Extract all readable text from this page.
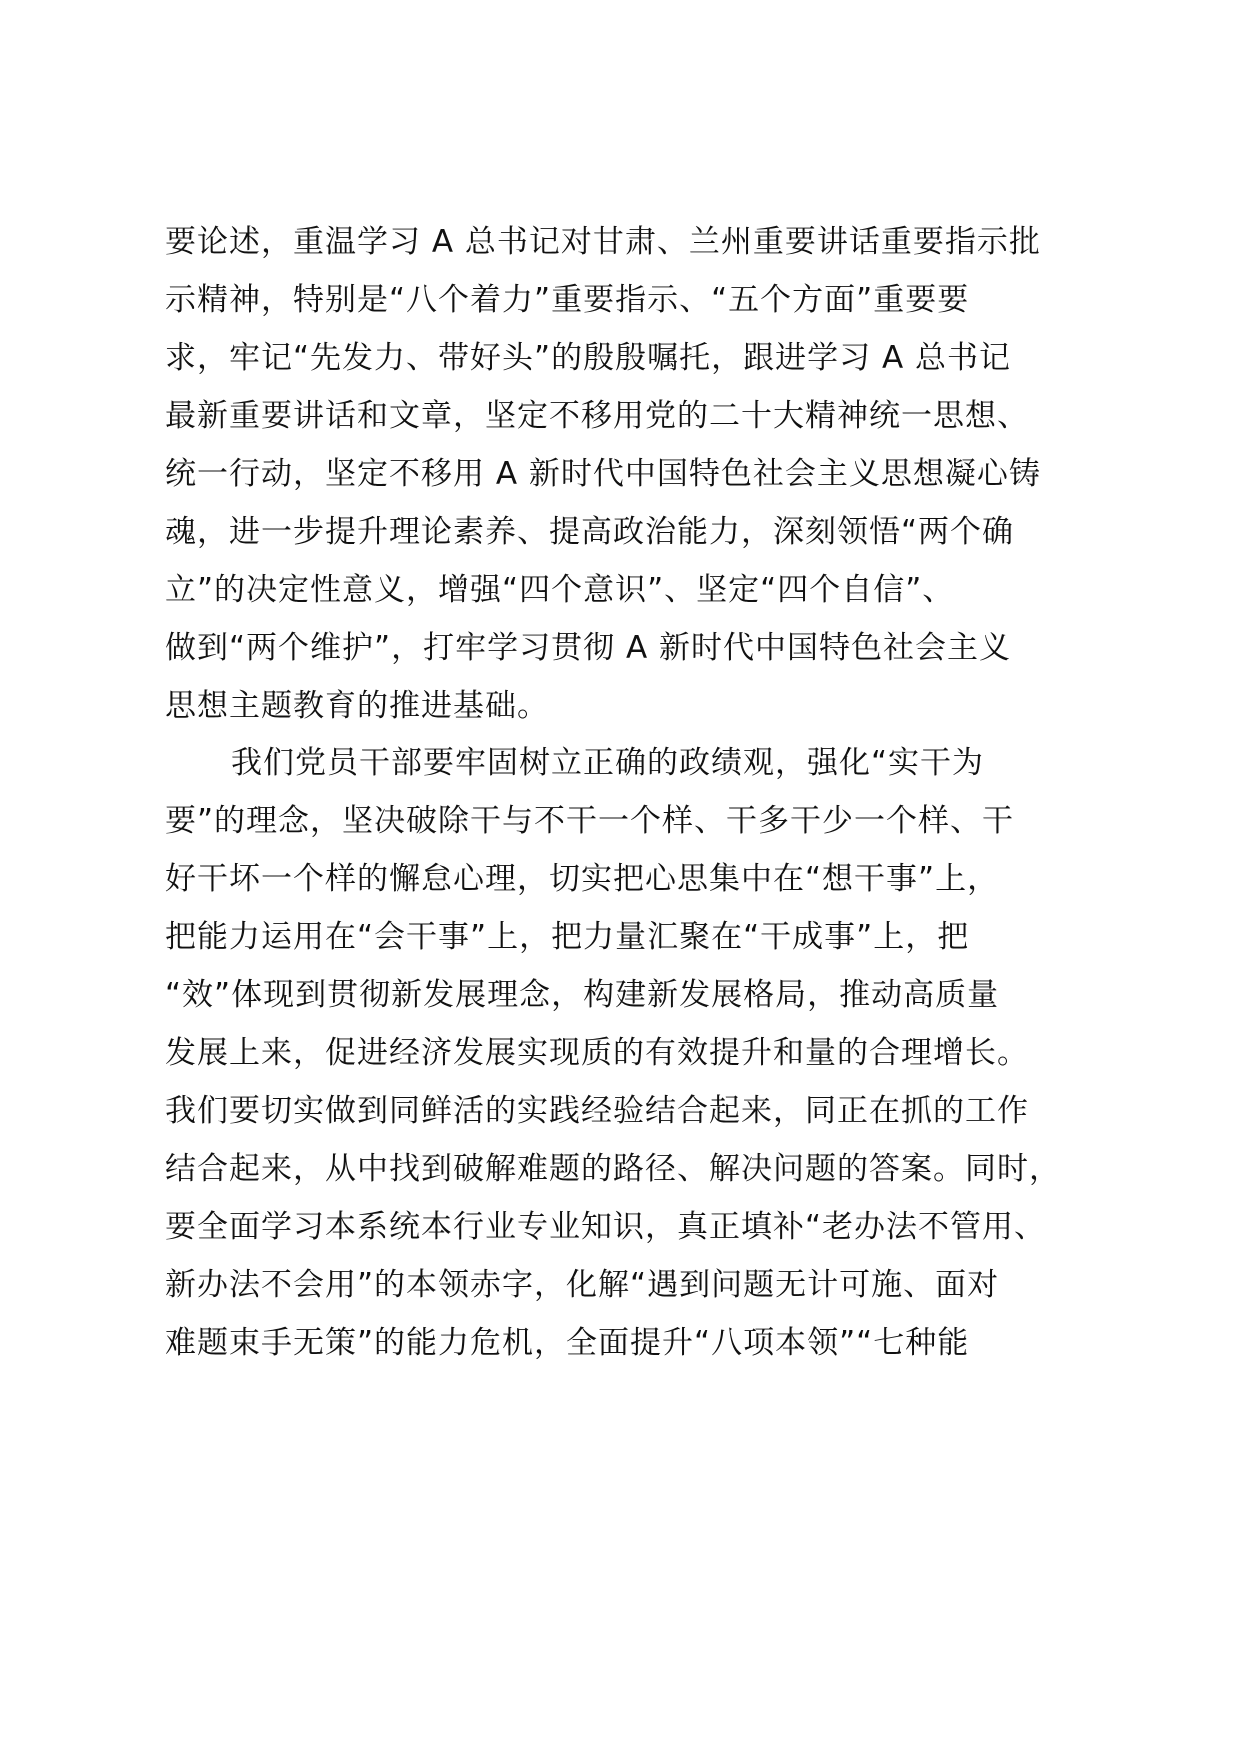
要论述，重温学习 A 总书记对甘肃、兰州重要讲话重要指示批

示精神，特别是“八个着力”重要指示、“五个方面”重要要

求，牢记“先发力、带好头”的殷殷嘱托，跟进学习 A 总书记

最新重要讲话和文章，坚定不移用党的二十大精神统一思想、

统一行动，坚定不移用 A 新时代中国特色社会主义思想凝心铸

魂，进一步提升理论素养、提高政治能力，深刻领悟“两个确

立”的决定性意义，增强“四个意识”、坚定“四个自信”、

做到“两个维护”，打牢学习贯彻 A 新时代中国特色社会主义

思想主题教育的推进基础。

我们党员干部要牢固树立正确的政绩观，强化“实干为

要”的理念，坚决破除干与不干一个样、干多干少一个样、干

好干坏一个样的懈怠心理，切实把心思集中在“想干事”上，

把能力运用在“会干事”上，把力量汇聚在“干成事”上，把

“效”体现到贯彻新发展理念，构建新发展格局，推动高质量

发展上来，促进经济发展实现质的有效提升和量的合理增长。

我们要切实做到同鲜活的实践经验结合起来，同正在抓的工作

结合起来，从中找到破解难题的路径、解决问题的答案。同时，

要全面学习本系统本行业专业知识，真正填补“老办法不管用、

新办法不会用”的本领赤字，化解“遇到问题无计可施、面对

难题束手无策”的能力危机，全面提升“八项本领”“七种能
